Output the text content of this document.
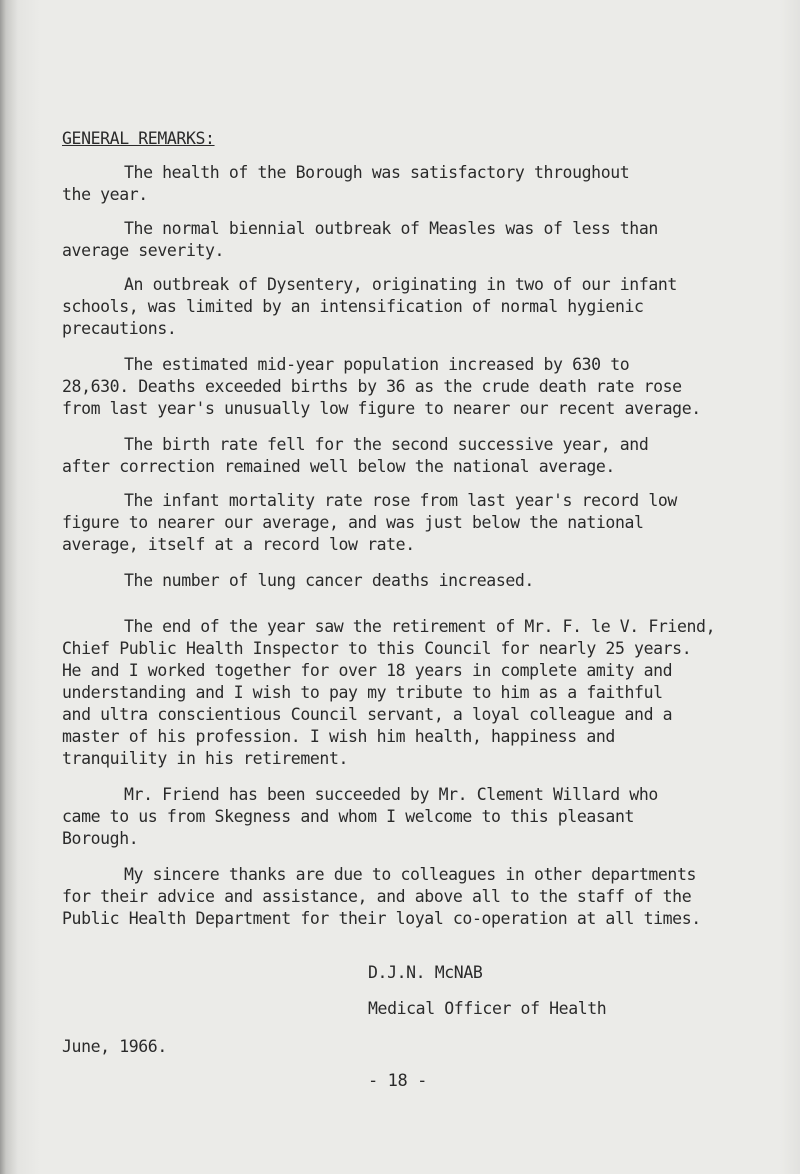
GENERAL REMARKS:
The health of the Borough was satisfactory throughout
the year.
The normal biennial outbreak of Measles was of less than
average severity.
An outbreak of Dysentery, originating in two of our infant
schools, was limited by an intensification of normal hygienic
precautions.
The estimated mid-year population increased by 630 to
28,630. Deaths exceeded births by 36 as the crude death rate rose
from last year's unusually low figure to nearer our recent average.
The birth rate fell for the second successive year, and
after correction remained well below the national average.
The infant mortality rate rose from last year's record low
figure to nearer our average, and was just below the national
average, itself at a record low rate.
The number of lung cancer deaths increased.
The end of the year saw the retirement of Mr. F. le V. Friend,
Chief Public Health Inspector to this Council for nearly 25 years.
He and I worked together for over 18 years in complete amity and
understanding and I wish to pay my tribute to him as a faithful
and ultra conscientious Council servant, a loyal colleague and a
master of his profession. I wish him health, happiness and
tranquility in his retirement.
Mr. Friend has been succeeded by Mr. Clement Willard who
came to us from Skegness and whom I welcome to this pleasant
Borough.
My sincere thanks are due to colleagues in other departments
for their advice and assistance, and above all to the staff of the
Public Health Department for their loyal co-operation at all times.
D.J.N. McNAB
Medical Officer of Health
June, 1966.
- 18 -
